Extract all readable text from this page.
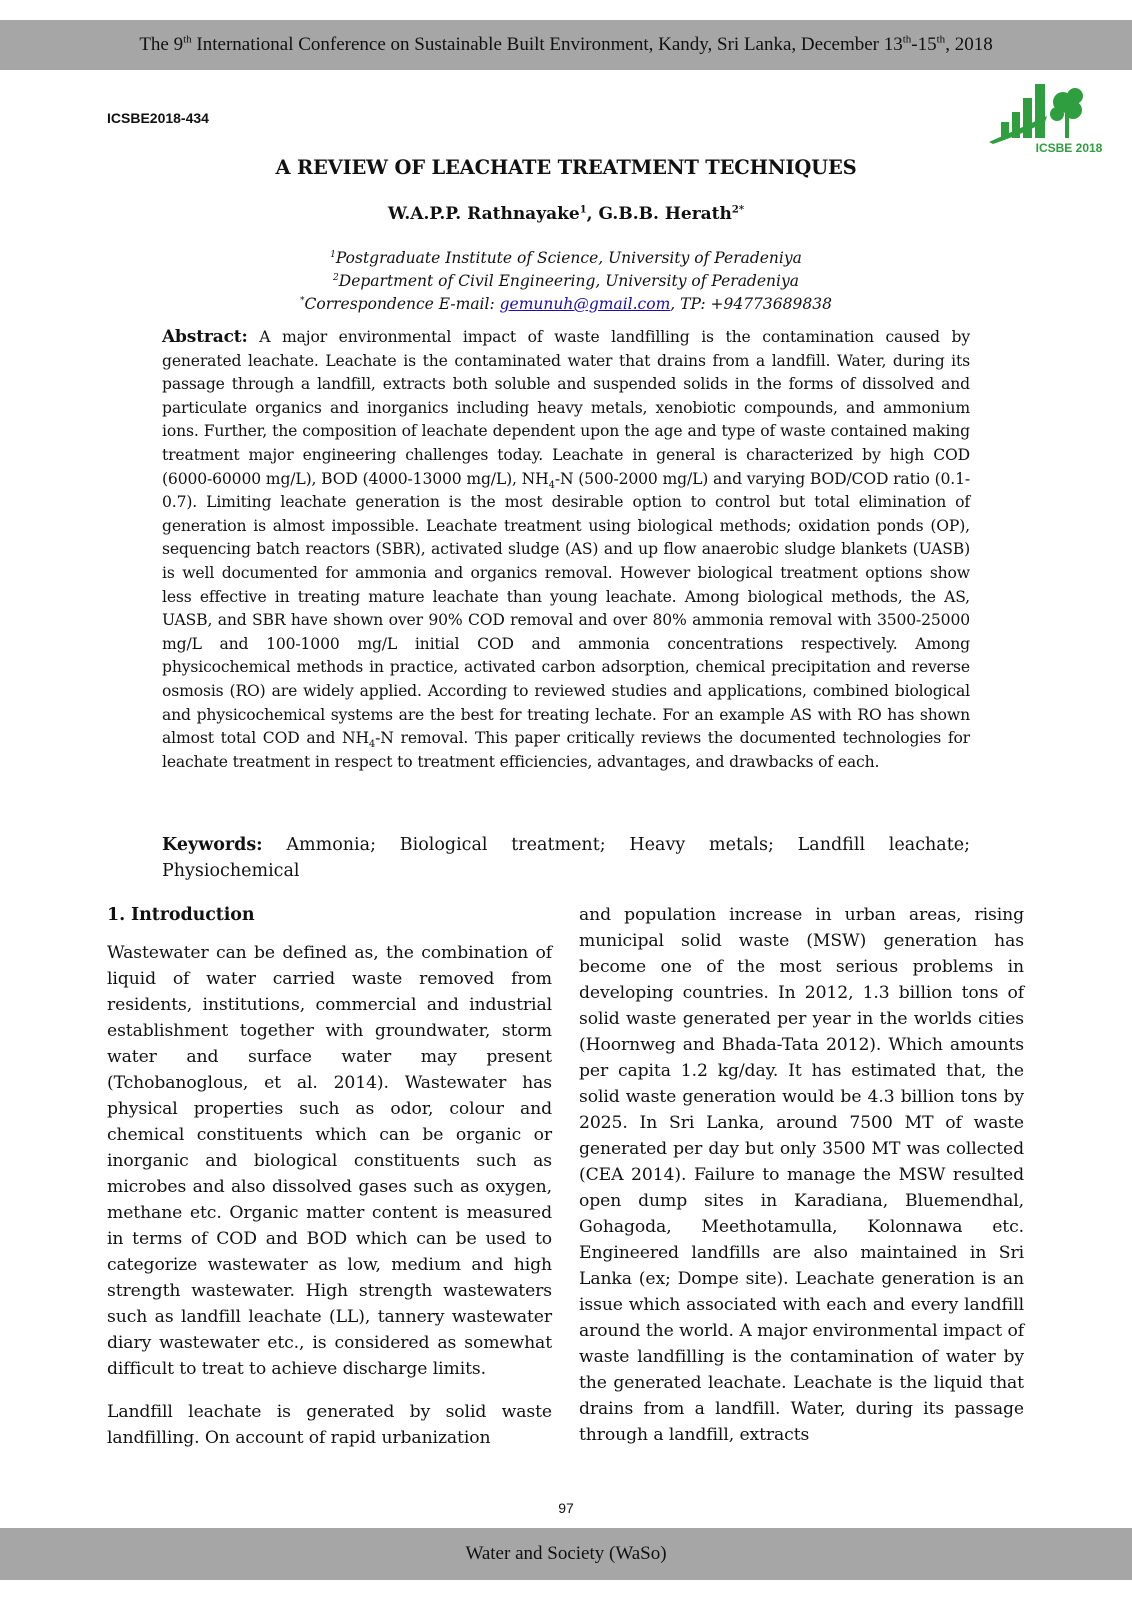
The 9th International Conference on Sustainable Built Environment, Kandy, Sri Lanka, December 13th-15th, 2018
ICSBE2018-434
ICSBE 2018
A REVIEW OF LEACHATE TREATMENT TECHNIQUES
W.A.P.P. Rathnayake$^1$, G.B.B. Herath$^{2*}$
$^1$Postgraduate Institute of Science, University of Peradeniya
$^2$Department of Civil Engineering, University of Peradeniya
*Correspondence E-mail: gemunuh@gmail.com, TP: +94773689838
Abstract: A major environmental impact of waste landfilling is the contamination caused by generated leachate. Leachate is the contaminated water that drains from a landfill. Water, during its passage through a landfill, extracts both soluble and suspended solids in the forms of dissolved and particulate organics and inorganics including heavy metals, xenobiotic compounds, and ammonium ions. Further, the composition of leachate dependent upon the age and type of waste contained making treatment major engineering challenges today. Leachate in general is characterized by high COD (6000-60000 mg/L), BOD (4000-13000 mg/L), $NH_4-N$ (500-2000 mg/L) and varying BOD/COD ratio (0.1-0.7). Limiting leachate generation is the most desirable option to control but total elimination of generation is almost impossible. Leachate treatment using biological methods; oxidation ponds (OP), sequencing batch reactors (SBR), activated sludge (AS) and up flow anaerobic sludge blankets (UASB) is well documented for ammonia and organics removal. However biological treatment options show less effective in treating mature leachate than young leachate. Among biological methods, the AS, UASB, and SBR have shown over 90% COD removal and over 80% ammonia removal with 3500-25000 mg/L and 100-1000 mg/L initial COD and ammonia concentrations respectively. Among physicochemical methods in practice, activated carbon adsorption, chemical precipitation and reverse osmosis (RO) are widely applied. According to reviewed studies and applications, combined biological and physicochemical systems are the best for treating lechate. For an example AS with RO has shown almost total COD and $NH_4-N$ removal. This paper critically reviews the documented technologies for leachate treatment in respect to treatment efficiencies, advantages, and drawbacks of each.
Keywords: Ammonia; Biological treatment; Heavy metals; Landfill leachate; Physiochemical
1. Introduction

Wastewater can be defined as, the combination of liquid of water carried waste removed from residents, institutions, commercial and industrial establishment together with groundwater, storm water and surface water may present (Tchobanoglous, et al. 2014). Wastewater has physical properties such as odor, colour and chemical constituents which can be organic or inorganic and biological constituents such as microbes and also dissolved gases such as oxygen, methane etc. Organic matter content is measured in terms of COD and BOD which can be used to categorize wastewater as low, medium and high strength wastewater. High strength wastewaters such as landfill leachate (LL), tannery wastewater diary wastewater etc., is considered as somewhat difficult to treat to achieve discharge limits.

Landfill leachate is generated by solid waste landfilling. On account of rapid urbanization

and population increase in urban areas, rising municipal solid waste (MSW) generation has become one of the most serious problems in developing countries. In 2012, 1.3 billion tons of solid waste generated per year in the worlds cities (Hoornweg and Bhada-Tata 2012). Which amounts per capita 1.2 kg/day. It has estimated that, the solid waste generation would be 4.3 billion tons by 2025. In Sri Lanka, around 7500 MT of waste generated per day but only 3500 MT was collected (CEA 2014). Failure to manage the MSW resulted open dump sites in Karadiana, Bluemendhal, Gohagoda, Meethotamulla, Kolonnawa etc. Engineered landfills are also maintained in Sri Lanka (ex; Dompe site). Leachate generation is an issue which associated with each and every landfill around the world. A major environmental impact of waste landfilling is the contamination of water by the generated leachate. Leachate is the liquid that drains from a landfill. Water, during its passage through a landfill, extracts

97
Water and Society (WaSo)
